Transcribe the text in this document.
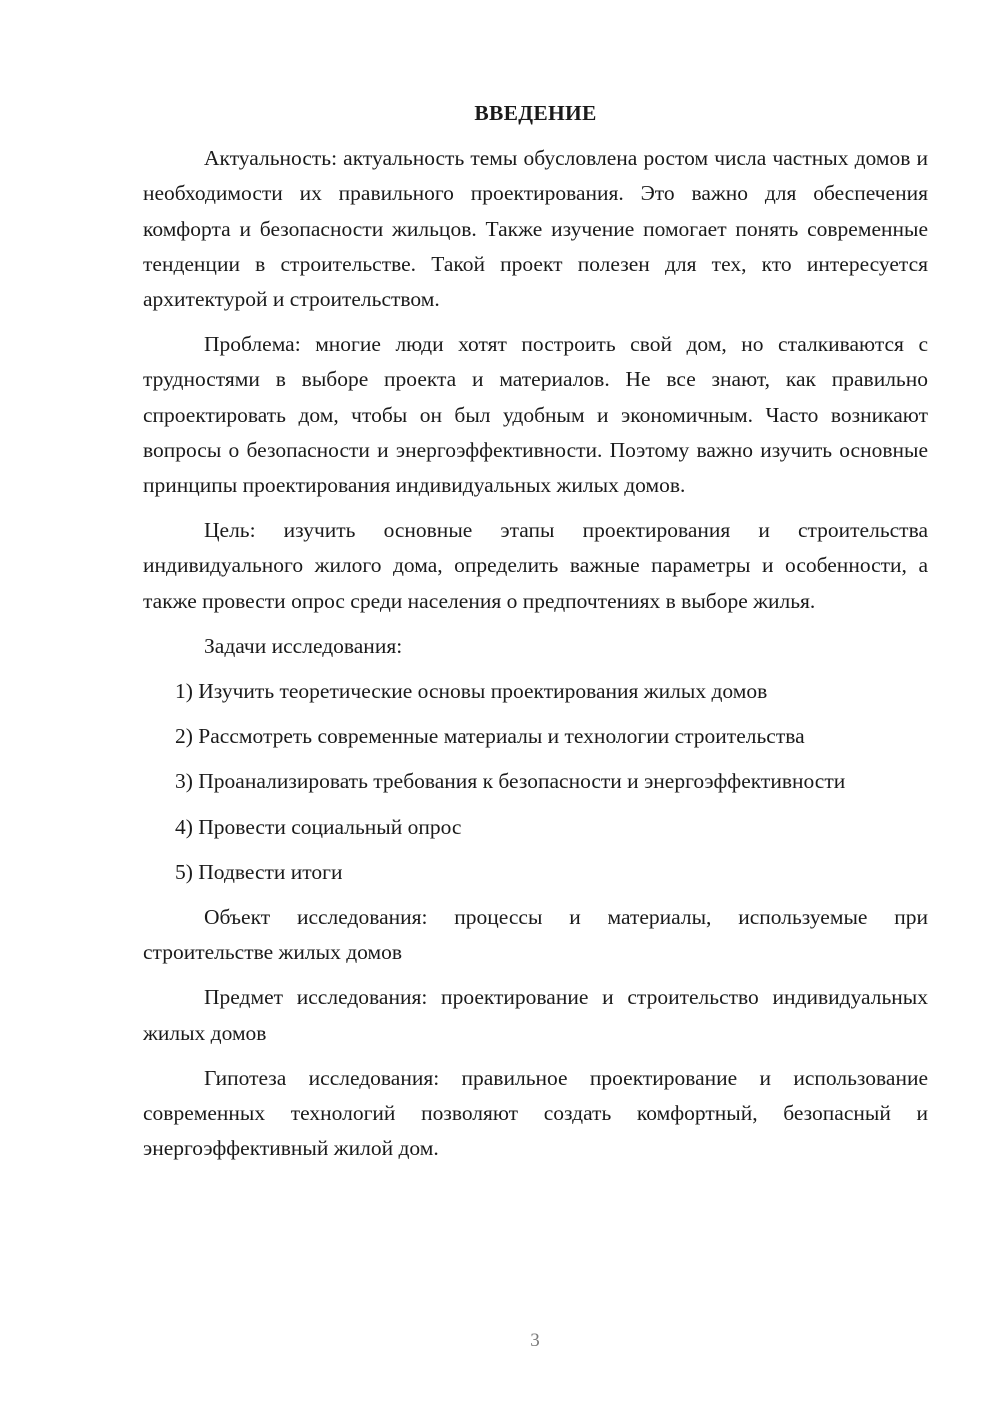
ВВЕДЕНИЕ

Актуальность: актуальность темы обусловлена ростом числа частных домов и необходимости их правильного проектирования. Это важно для обеспечения комфорта и безопасности жильцов. Также изучение помогает понять современные тенденции в строительстве. Такой проект полезен для тех, кто интересуется архитектурой и строительством.

Проблема: многие люди хотят построить свой дом, но сталкиваются с трудностями в выборе проекта и материалов. Не все знают, как правильно спроектировать дом, чтобы он был удобным и экономичным. Часто возникают вопросы о безопасности и энергоэффективности. Поэтому важно изучить основные принципы проектирования индивидуальных жилых домов.

Цель: изучить основные этапы проектирования и строительства индивидуального жилого дома, определить важные параметры и особенности, а также провести опрос среди населения о предпочтениях в выборе жилья.

Задачи исследования:

1) Изучить теоретические основы проектирования жилых домов

2) Рассмотреть современные материалы и технологии строительства

3) Проанализировать требования к безопасности и энергоэффективности

4) Провести социальный опрос

5) Подвести итоги

Объект исследования: процессы и материалы, используемые при строительстве жилых домов

Предмет исследования: проектирование и строительство индивидуальных жилых домов

Гипотеза исследования: правильное проектирование и использование современных технологий позволяют создать комфортный, безопасный и энергоэффективный жилой дом.

3
